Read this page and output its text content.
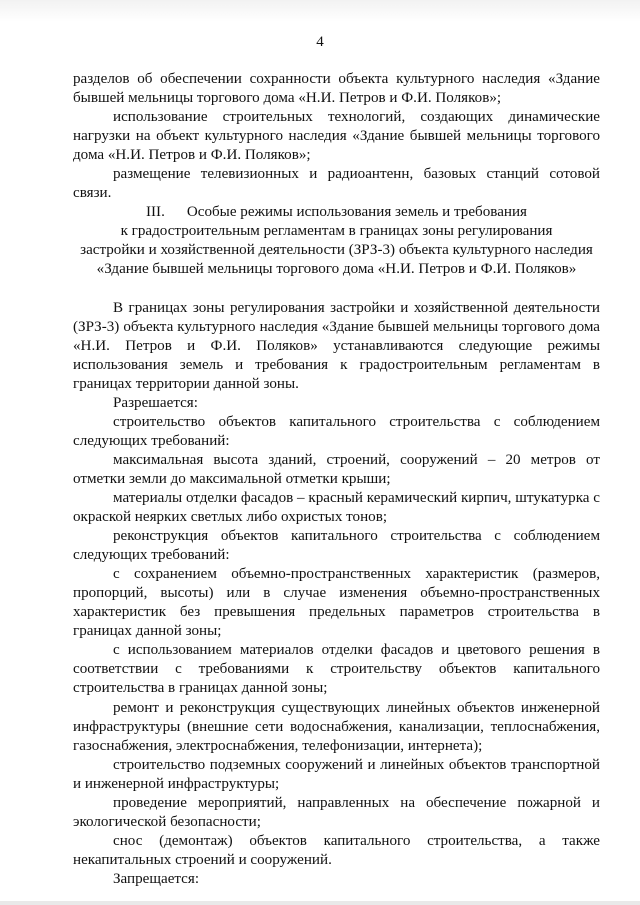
4

разделов об обеспечении сохранности объекта культурного наследия «Здание бывшей мельницы торгового дома «Н.И. Петров и Ф.И. Поляков»;

использование строительных технологий, создающих динамические нагрузки на объект культурного наследия «Здание бывшей мельницы торгового дома «Н.И. Петров и Ф.И. Поляков»;

размещение телевизионных и радиоантенн, базовых станций сотовой связи.

III. Особые режимы использования земель и требования

к градостроительным регламентам в границах зоны регулирования

застройки и хозяйственной деятельности (ЗРЗ-3) объекта культурного наследия

«Здание бывшей мельницы торгового дома «Н.И. Петров и Ф.И. Поляков»

В границах зоны регулирования застройки и хозяйственной деятельности (ЗРЗ-3) объекта культурного наследия «Здание бывшей мельницы торгового дома «Н.И. Петров и Ф.И. Поляков» устанавливаются следующие режимы использования земель и требования к градостроительным регламентам в границах территории данной зоны.

Разрешается:

строительство объектов капитального строительства с соблюдением следующих требований:

максимальная высота зданий, строений, сооружений – 20 метров от отметки земли до максимальной отметки крыши;

материалы отделки фасадов – красный керамический кирпич, штукатурка с окраской неярких светлых либо охристых тонов;

реконструкция объектов капитального строительства с соблюдением следующих требований:

с сохранением объемно-пространственных характеристик (размеров, пропорций, высоты) или в случае изменения объемно-пространственных характеристик без превышения предельных параметров строительства в границах данной зоны;

с использованием материалов отделки фасадов и цветового решения в соответствии с требованиями к строительству объектов капитального строительства в границах данной зоны;

ремонт и реконструкция существующих линейных объектов инженерной инфраструктуры (внешние сети водоснабжения, канализации, теплоснабжения, газоснабжения, электроснабжения, телефонизации, интернета);

строительство подземных сооружений и линейных объектов транспортной и инженерной инфраструктуры;

проведение мероприятий, направленных на обеспечение пожарной и экологической безопасности;

снос (демонтаж) объектов капитального строительства, а также некапитальных строений и сооружений.

Запрещается:
